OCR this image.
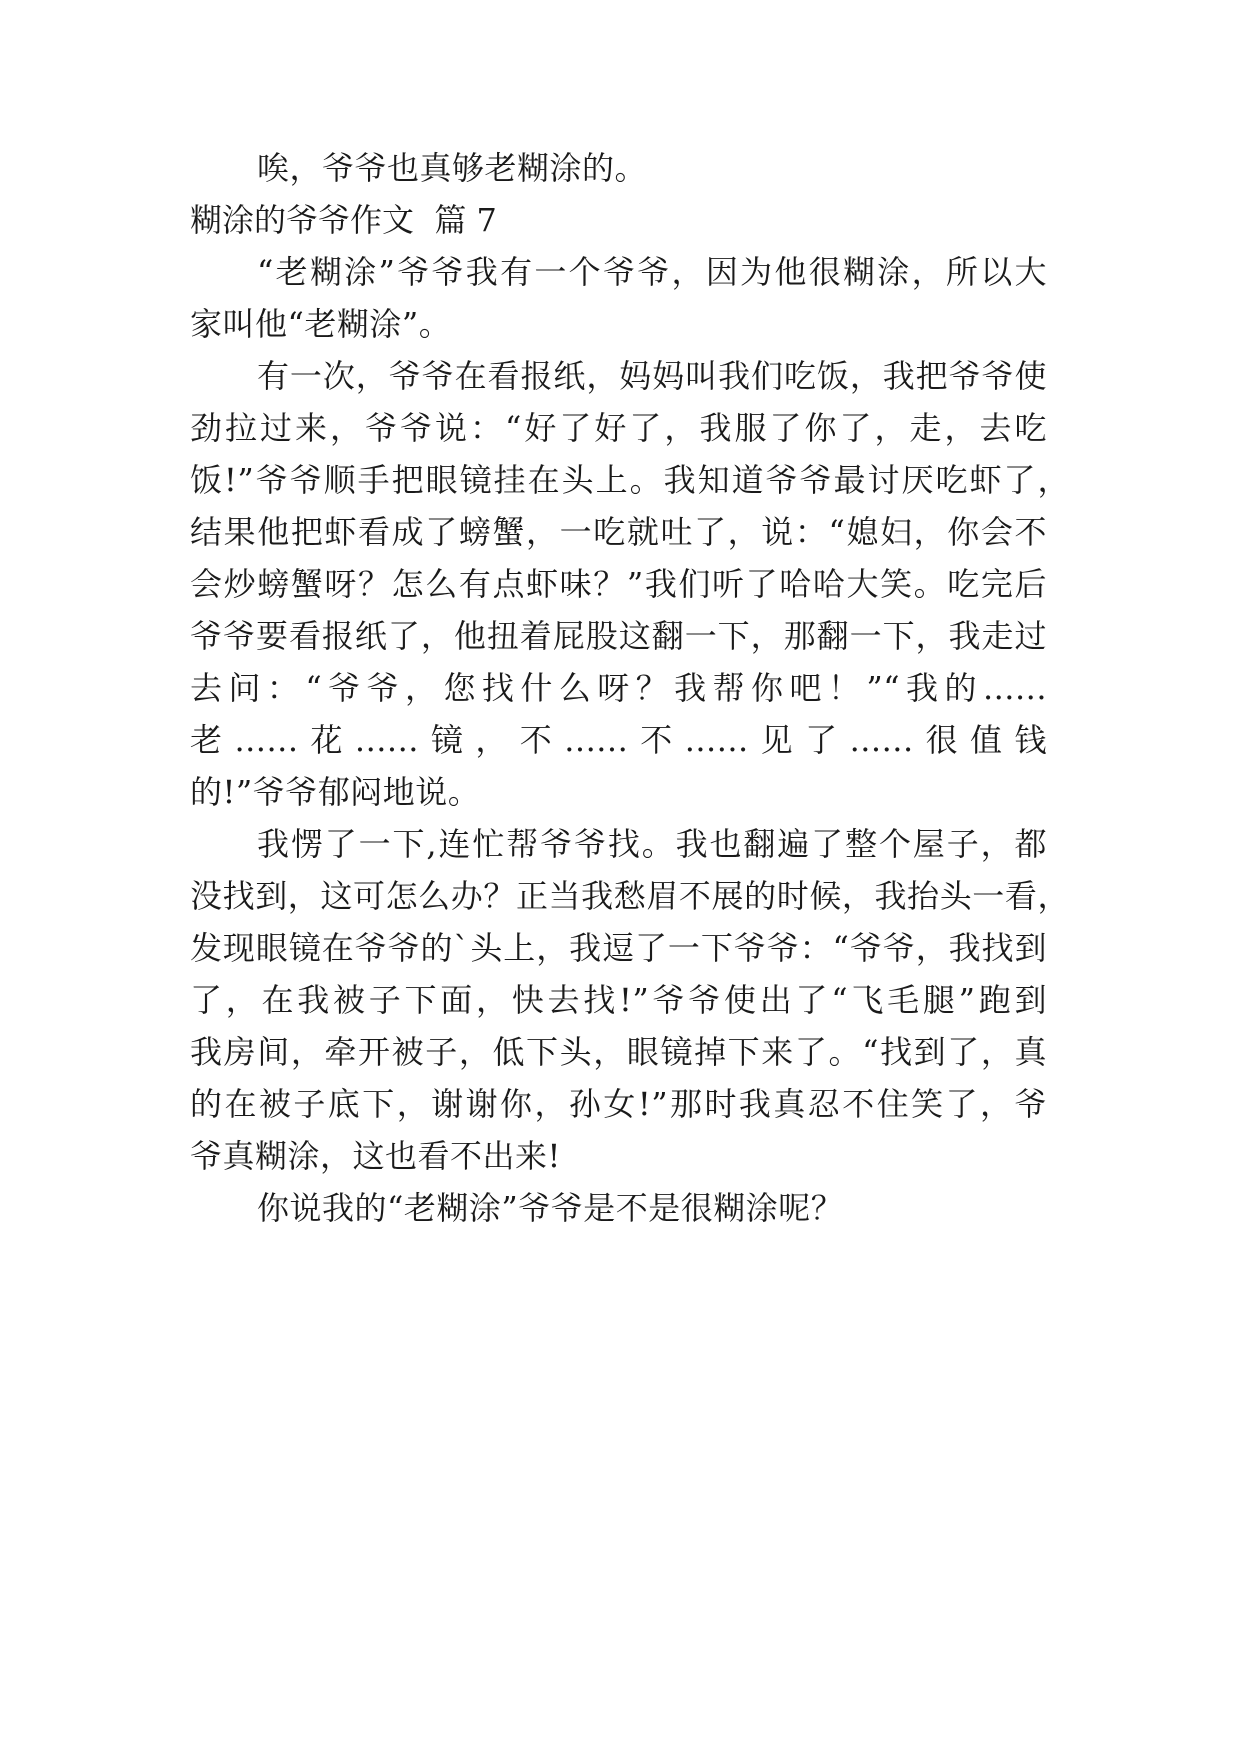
唉，爷爷也真够老糊涂的。
糊涂的爷爷作文  篇 7
“老糊涂”爷爷我有一个爷爷，因为他很糊涂，所以大
家叫他“老糊涂”。
有一次，爷爷在看报纸，妈妈叫我们吃饭，我把爷爷使
劲拉过来，爷爷说：“好了好了，我服了你了，走，去吃
饭!”爷爷顺手把眼镜挂在头上。我知道爷爷最讨厌吃虾了，
结果他把虾看成了螃蟹，一吃就吐了，说：“媳妇，你会不
会炒螃蟹呀？怎么有点虾味？”我们听了哈哈大笑。吃完后
爷爷要看报纸了，他扭着屁股这翻一下，那翻一下，我走过
去问：“爷爷，您找什么呀？我帮你吧！”“我的......
老......花......镜，不......不......见了......很值钱
的!”爷爷郁闷地说。
我愣了一下,连忙帮爷爷找。我也翻遍了整个屋子，都
没找到，这可怎么办？正当我愁眉不展的时候，我抬头一看，
发现眼镜在爷爷的`头上，我逗了一下爷爷：“爷爷，我找到
了，在我被子下面，快去找!”爷爷使出了“飞毛腿”跑到
我房间，牵开被子，低下头，眼镜掉下来了。“找到了，真
的在被子底下，谢谢你，孙女!”那时我真忍不住笑了，爷
爷真糊涂，这也看不出来!
你说我的“老糊涂”爷爷是不是很糊涂呢？
